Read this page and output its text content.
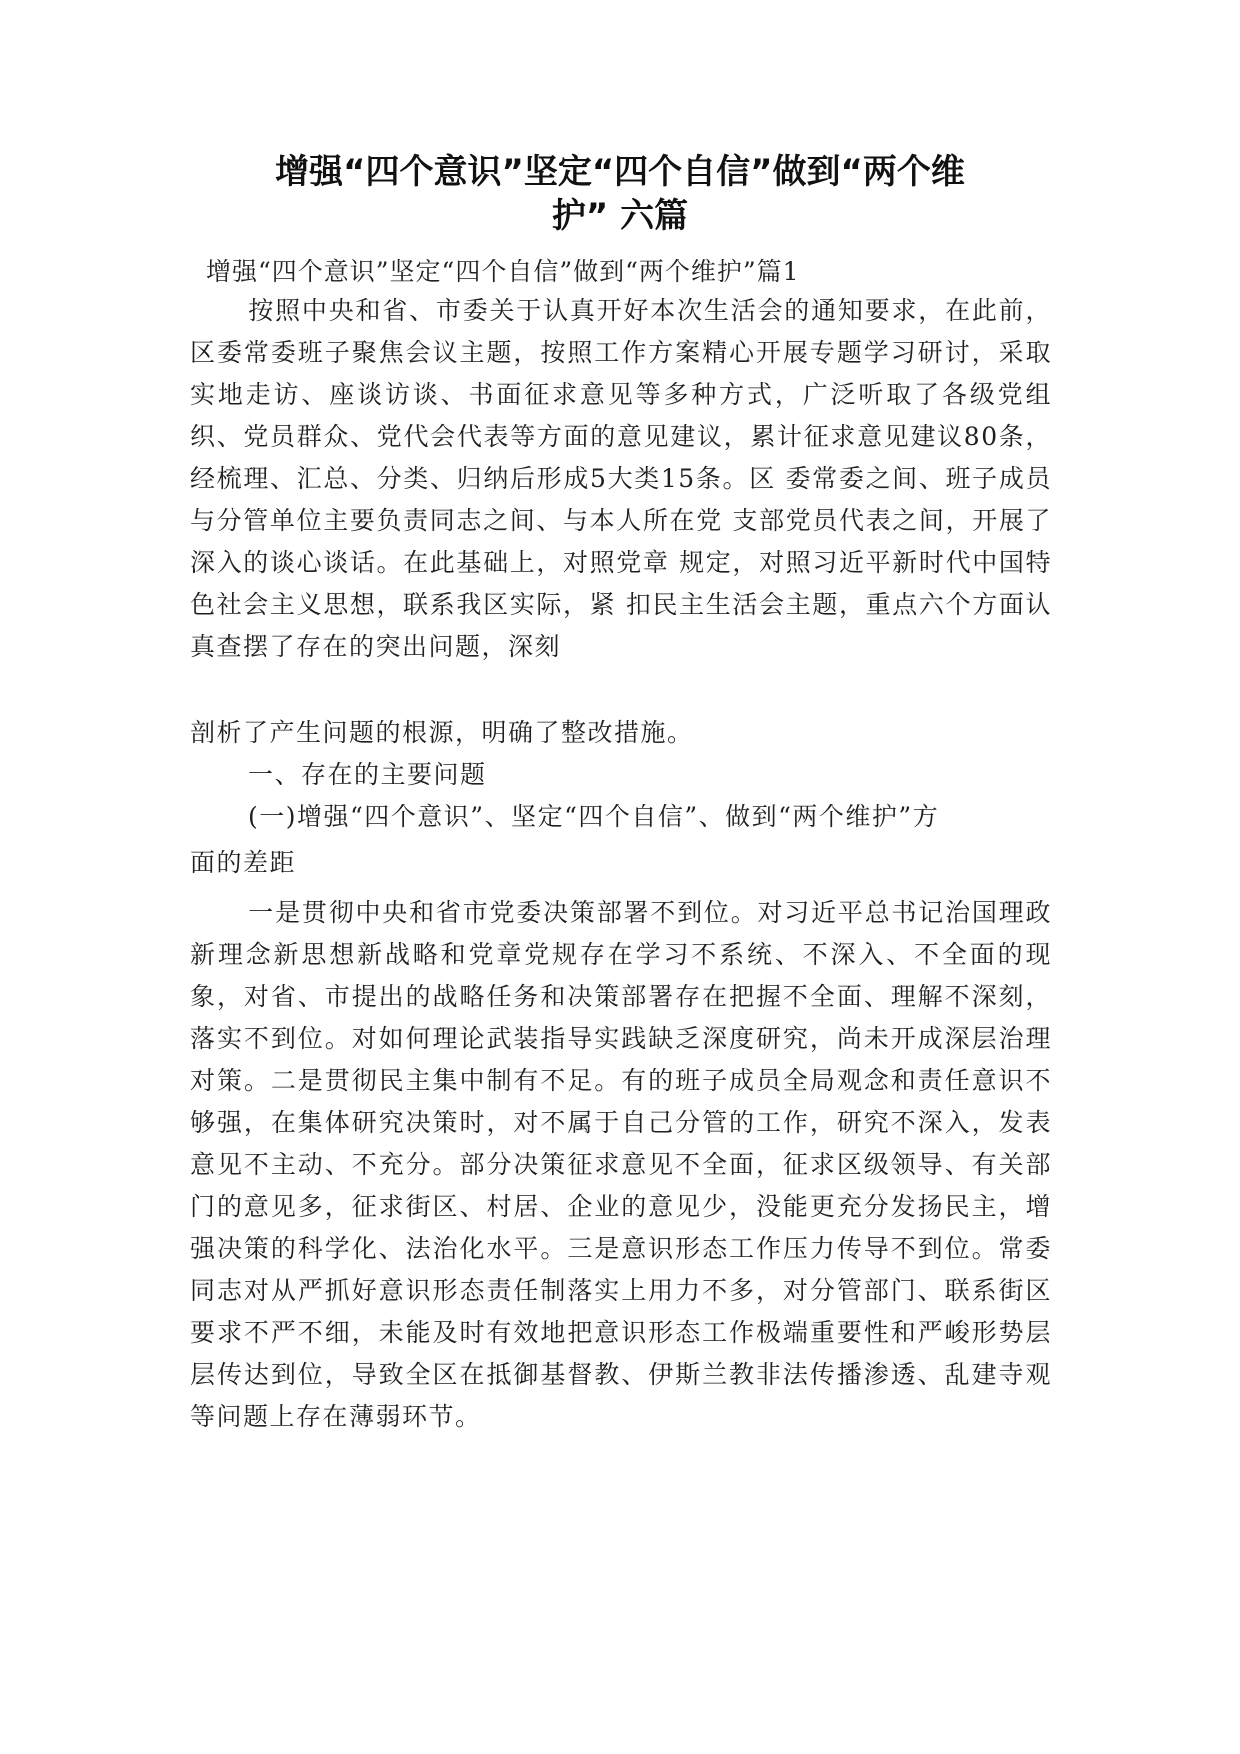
增强“四个意识”坚定“四个自信”做到“两个维
护” 六篇

增强“四个意识”坚定“四个自信”做到“两个维护”篇1

按照中央和省、市委关于认真开好本次生活会的通知要求，在此前，区委常委班子聚焦会议主题，按照工作方案精心开展专题学习研讨，采取实地走访、座谈访谈、书面征求意见等多种方式，广泛听取了各级党组织、党员群众、党代会代表等方面的意见建议，累计征求意见建议80条，经梳理、汇总、分类、归纳后形成5大类15条。区 委常委之间、班子成员与分管单位主要负责同志之间、与本人所在党 支部党员代表之间，开展了深入的谈心谈话。在此基础上，对照党章 规定，对照习近平新时代中国特色社会主义思想，联系我区实际，紧 扣民主生活会主题，重点六个方面认真查摆了存在的突出问题，深刻

剖析了产生问题的根源，明确了整改措施。

一、存在的主要问题

(一)增强“四个意识”、坚定“四个自信”、做到“两个维护”方

面的差距

一是贯彻中央和省市党委决策部署不到位。对习近平总书记治国理政新理念新思想新战略和党章党规存在学习不系统、不深入、不全面的现象，对省、市提出的战略任务和决策部署存在把握不全面、理解不深刻，落实不到位。对如何理论武装指导实践缺乏深度研究，尚未开成深层治理对策。二是贯彻民主集中制有不足。有的班子成员全局观念和责任意识不够强，在集体研究决策时，对不属于自己分管的工作，研究不深入，发表意见不主动、不充分。部分决策征求意见不全面，征求区级领导、有关部门的意见多，征求街区、村居、企业的意见少，没能更充分发扬民主，增强决策的科学化、法治化水平。三是意识形态工作压力传导不到位。常委同志对从严抓好意识形态责任制落实上用力不多，对分管部门、联系街区要求不严不细，未能及时有效地把意识形态工作极端重要性和严峻形势层层传达到位，导致全区在抵御基督教、伊斯兰教非法传播渗透、乱建寺观等问题上存在薄弱环节。
